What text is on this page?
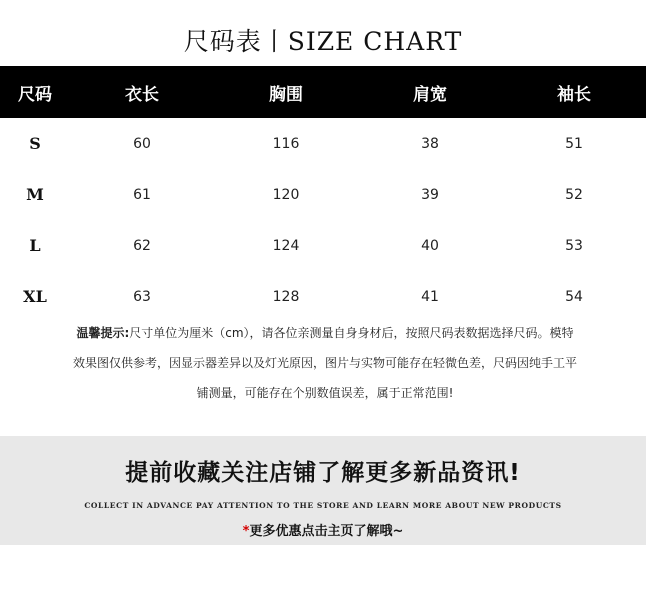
尺码表丨SIZE CHART
尺码	衣长	胸围	肩宽	袖长
S	60	116	38	51
M	61	120	39	52
L	62	124	40	53
XL	63	128	41	54
温馨提示:尺寸单位为厘米（cm），请各位亲测量自身身材后，按照尺码表数据选择尺码。模特
效果图仅供参考，因显示器差异以及灯光原因，图片与实物可能存在轻微色差，尺码因纯手工平
铺测量，可能存在个别数值误差，属于正常范围!
提前收藏关注店铺了解更多新品资讯!
COLLECT IN ADVANCE PAY ATTENTION TO THE STORE AND LEARN MORE ABOUT NEW PRODUCTS
*更多优惠点击主页了解哦~
